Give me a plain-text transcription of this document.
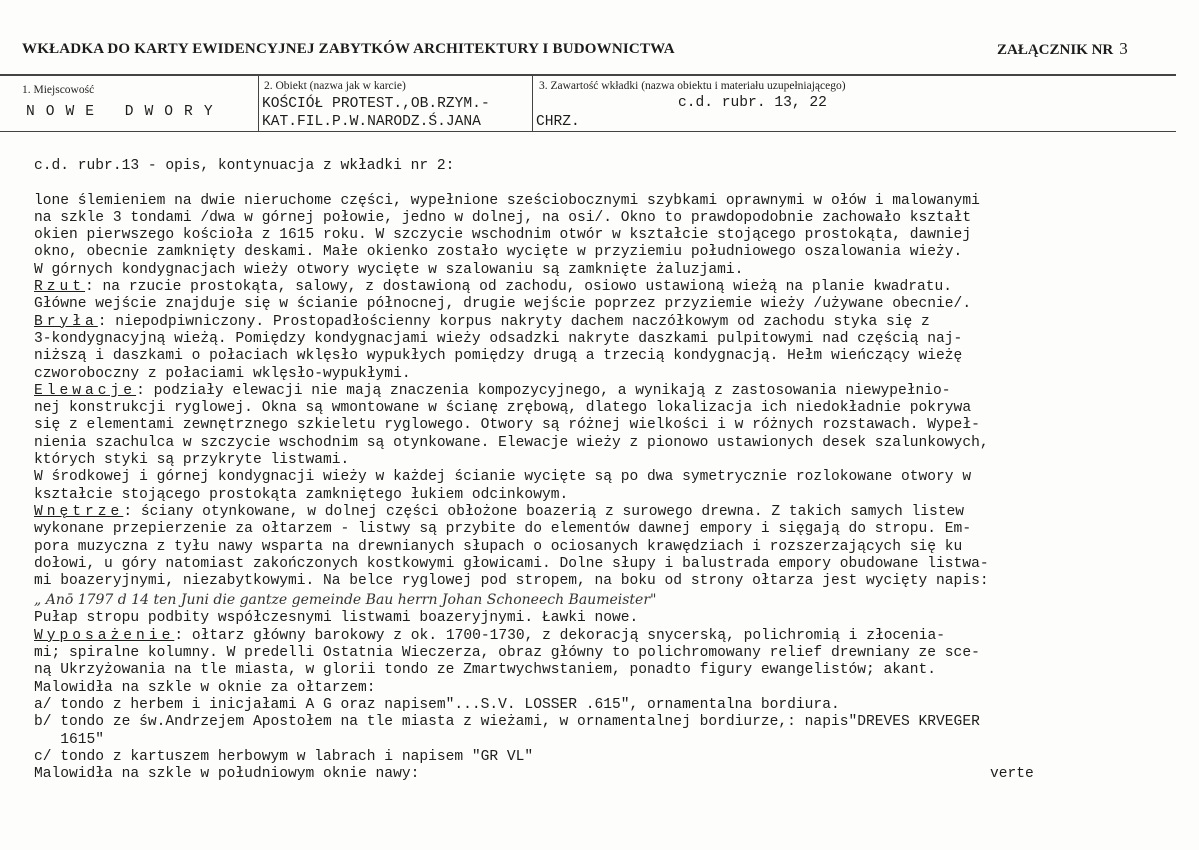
WKŁADKA DO KARTY EWIDENCYJNEJ ZABYTKÓW ARCHITEKTURY I BUDOWNICTWA	ZAŁĄCZNIK NR 3
1. Miejscowość
NOWE DWORY
2. Obiekt (nazwa jak w karcie)
KOŚCIÓŁ PROTEST.,OB.RZYM.-
KAT.FIL.P.W.NARODZ.Ś.JANA
3. Zawartość wkładki (nazwa obiektu i materiału uzupełniającego)
c.d. rubr. 13, 22
CHRZ.
c.d. rubr.13 - opis, kontynuacja z wkładki nr 2:
lone ślemieniem na dwie nieruchome części, wypełnione sześciobocznymi szybkami oprawnymi w ołów i malowanymi
na szkle 3 tondami /dwa w górnej połowie, jedno w dolnej, na osi/. Okno to prawdopodobnie zachowało kształt
okien pierwszego kościoła z 1615 roku. W szczycie wschodnim otwór w kształcie stojącego prostokąta, dawniej
okno, obecnie zamknięty deskami. Małe okienko zostało wycięte w przyziemiu południowego oszalowania wieży.
W górnych kondygnacjach wieży otwory wycięte w szalowaniu są zamknięte żaluzjami.
Rzut: na rzucie prostokąta, salowy, z dostawioną od zachodu, osiowo ustawioną wieżą na planie kwadratu.
Główne wejście znajduje się w ścianie północnej, drugie wejście poprzez przyziemie wieży /używane obecnie/.
Bryła: niepodpiwniczony. Prostopadłościenny korpus nakryty dachem naczółkowym od zachodu styka się z
3-kondygnacyjną wieżą. Pomiędzy kondygnacjami wieży odsadzki nakryte daszkami pulpitowymi nad częścią naj-
niższą i daszkami o połaciach wklęsło wypukłych pomiędzy drugą a trzecią kondygnacją. Hełm wieńczący wieżę
czworoboczny z połaciami wklęsło-wypukłymi.
Elewacje: podziały elewacji nie mają znaczenia kompozycyjnego, a wynikają z zastosowania niewypełnio-
nej konstrukcji ryglowej. Okna są wmontowane w ścianę zrębową, dlatego lokalizacja ich niedokładnie pokrywa
się z elementami zewnętrznego szkieletu ryglowego. Otwory są różnej wielkości i w różnych rozstawach. Wypeł-
nienia szachulca w szczycie wschodnim są otynkowane. Elewacje wieży z pionowo ustawionych desek szalunkowych,
których styki są przykryte listwami.
W środkowej i górnej kondygnacji wieży w każdej ścianie wycięte są po dwa symetrycznie rozlokowane otwory w
kształcie stojącego prostokąta zamkniętego łukiem odcinkowym.
Wnętrze: ściany otynkowane, w dolnej części obłożone boazerią z surowego drewna. Z takich samych listew
wykonane przepierzenie za ołtarzem - listwy są przybite do elementów dawnej empory i sięgają do stropu. Em-
pora muzyczna z tyłu nawy wsparta na drewnianych słupach o ociosanych krawędziach i rozszerzających się ku
dołowi, u góry natomiast zakończonych kostkowymi głowicami. Dolne słupy i balustrada empory obudowane listwa-
mi boazeryjnymi, niezabytkowymi. Na belce ryglowej pod stropem, na boku od strony ołtarza jest wycięty napis:
„ Anō 1797 d 14 ten Juni die gantze gemeinde Bau herrn Johan Schoneech Baumeister"
Pułap stropu podbity współczesnymi listwami boazeryjnymi. Ławki nowe.
Wyposażenie: ołtarz główny barokowy z ok. 1700-1730, z dekoracją snycerską, polichromią i złocenia-
mi; spiralne kolumny. W predelli Ostatnia Wieczerza, obraz główny to polichromowany relief drewniany ze sce-
ną Ukrzyżowania na tle miasta, w glorii tondo ze Zmartwychwstaniem, ponadto figury ewangelistów; akant.
Malowidła na szkle w oknie za ołtarzem:
a/ tondo z herbem i inicjałami A G oraz napisem"...S.V. LOSSER .615", ornamentalna bordiura.
b/ tondo ze św.Andrzejem Apostołem na tle miasta z wieżami, w ornamentalnej bordiurze,: napis"DREVES KRVEGER
1615"
c/ tondo z kartuszem herbowym w labrach i napisem "GR VL"
Malowidła na szkle w południowym oknie nawy:	verte
